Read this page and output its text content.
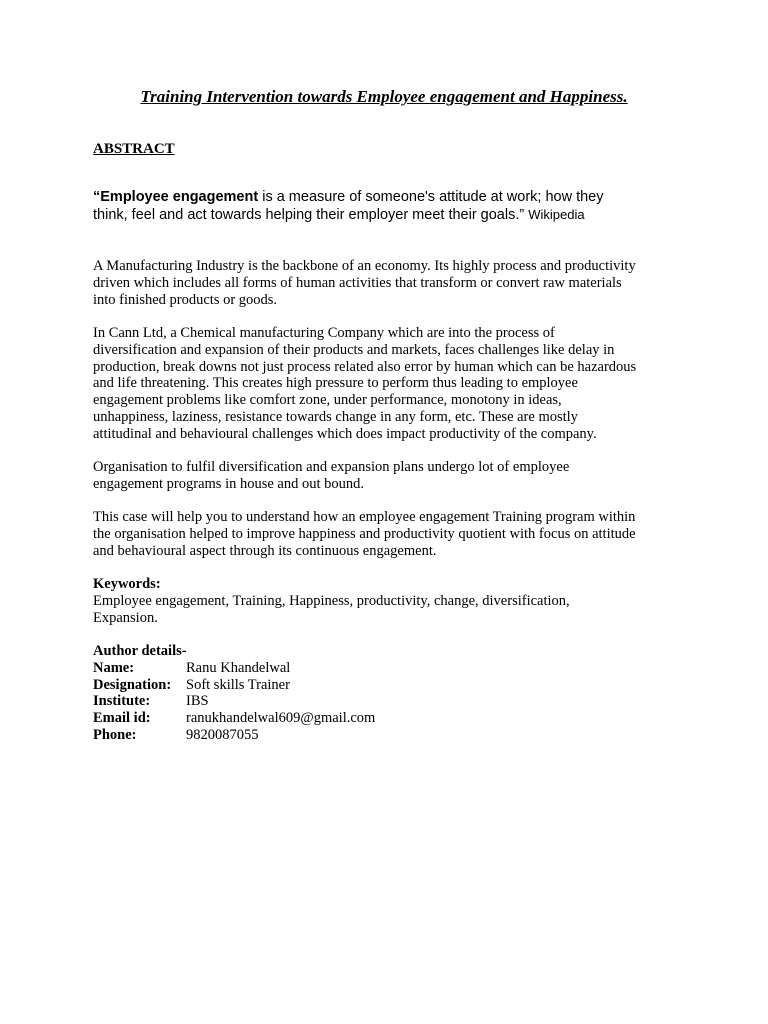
Training Intervention towards Employee engagement and Happiness.
ABSTRACT
“Employee engagement is a measure of someone's attitude at work; how they
think, feel and act towards helping their employer meet their goals.” Wikipedia
A Manufacturing Industry is the backbone of an economy. Its highly process and productivity
driven which includes all forms of human activities that transform or convert raw materials
into finished products or goods.
In Cann Ltd, a Chemical manufacturing Company which are into the process of
diversification and expansion of their products and markets, faces challenges like delay in
production, break downs not just process related also error by human which can be hazardous
and life threatening. This creates high pressure to perform thus leading to employee
engagement problems like comfort zone, under performance, monotony in ideas,
unhappiness, laziness, resistance towards change in any form, etc. These are mostly
attitudinal and behavioural challenges which does impact productivity of the company.
Organisation to fulfil diversification and expansion plans undergo lot of employee
engagement programs in house and out bound.
This case will help you to understand how an employee engagement Training program within
the organisation helped to improve happiness and productivity quotient with focus on attitude
and behavioural aspect through its continuous engagement.
Keywords:
Employee engagement, Training, Happiness, productivity, change, diversification,
Expansion.
Author details-
Name:	Ranu Khandelwal
Designation: Soft skills Trainer
Institute: IBS
Email id: ranukhandelwal609@gmail.com
Phone:	9820087055
